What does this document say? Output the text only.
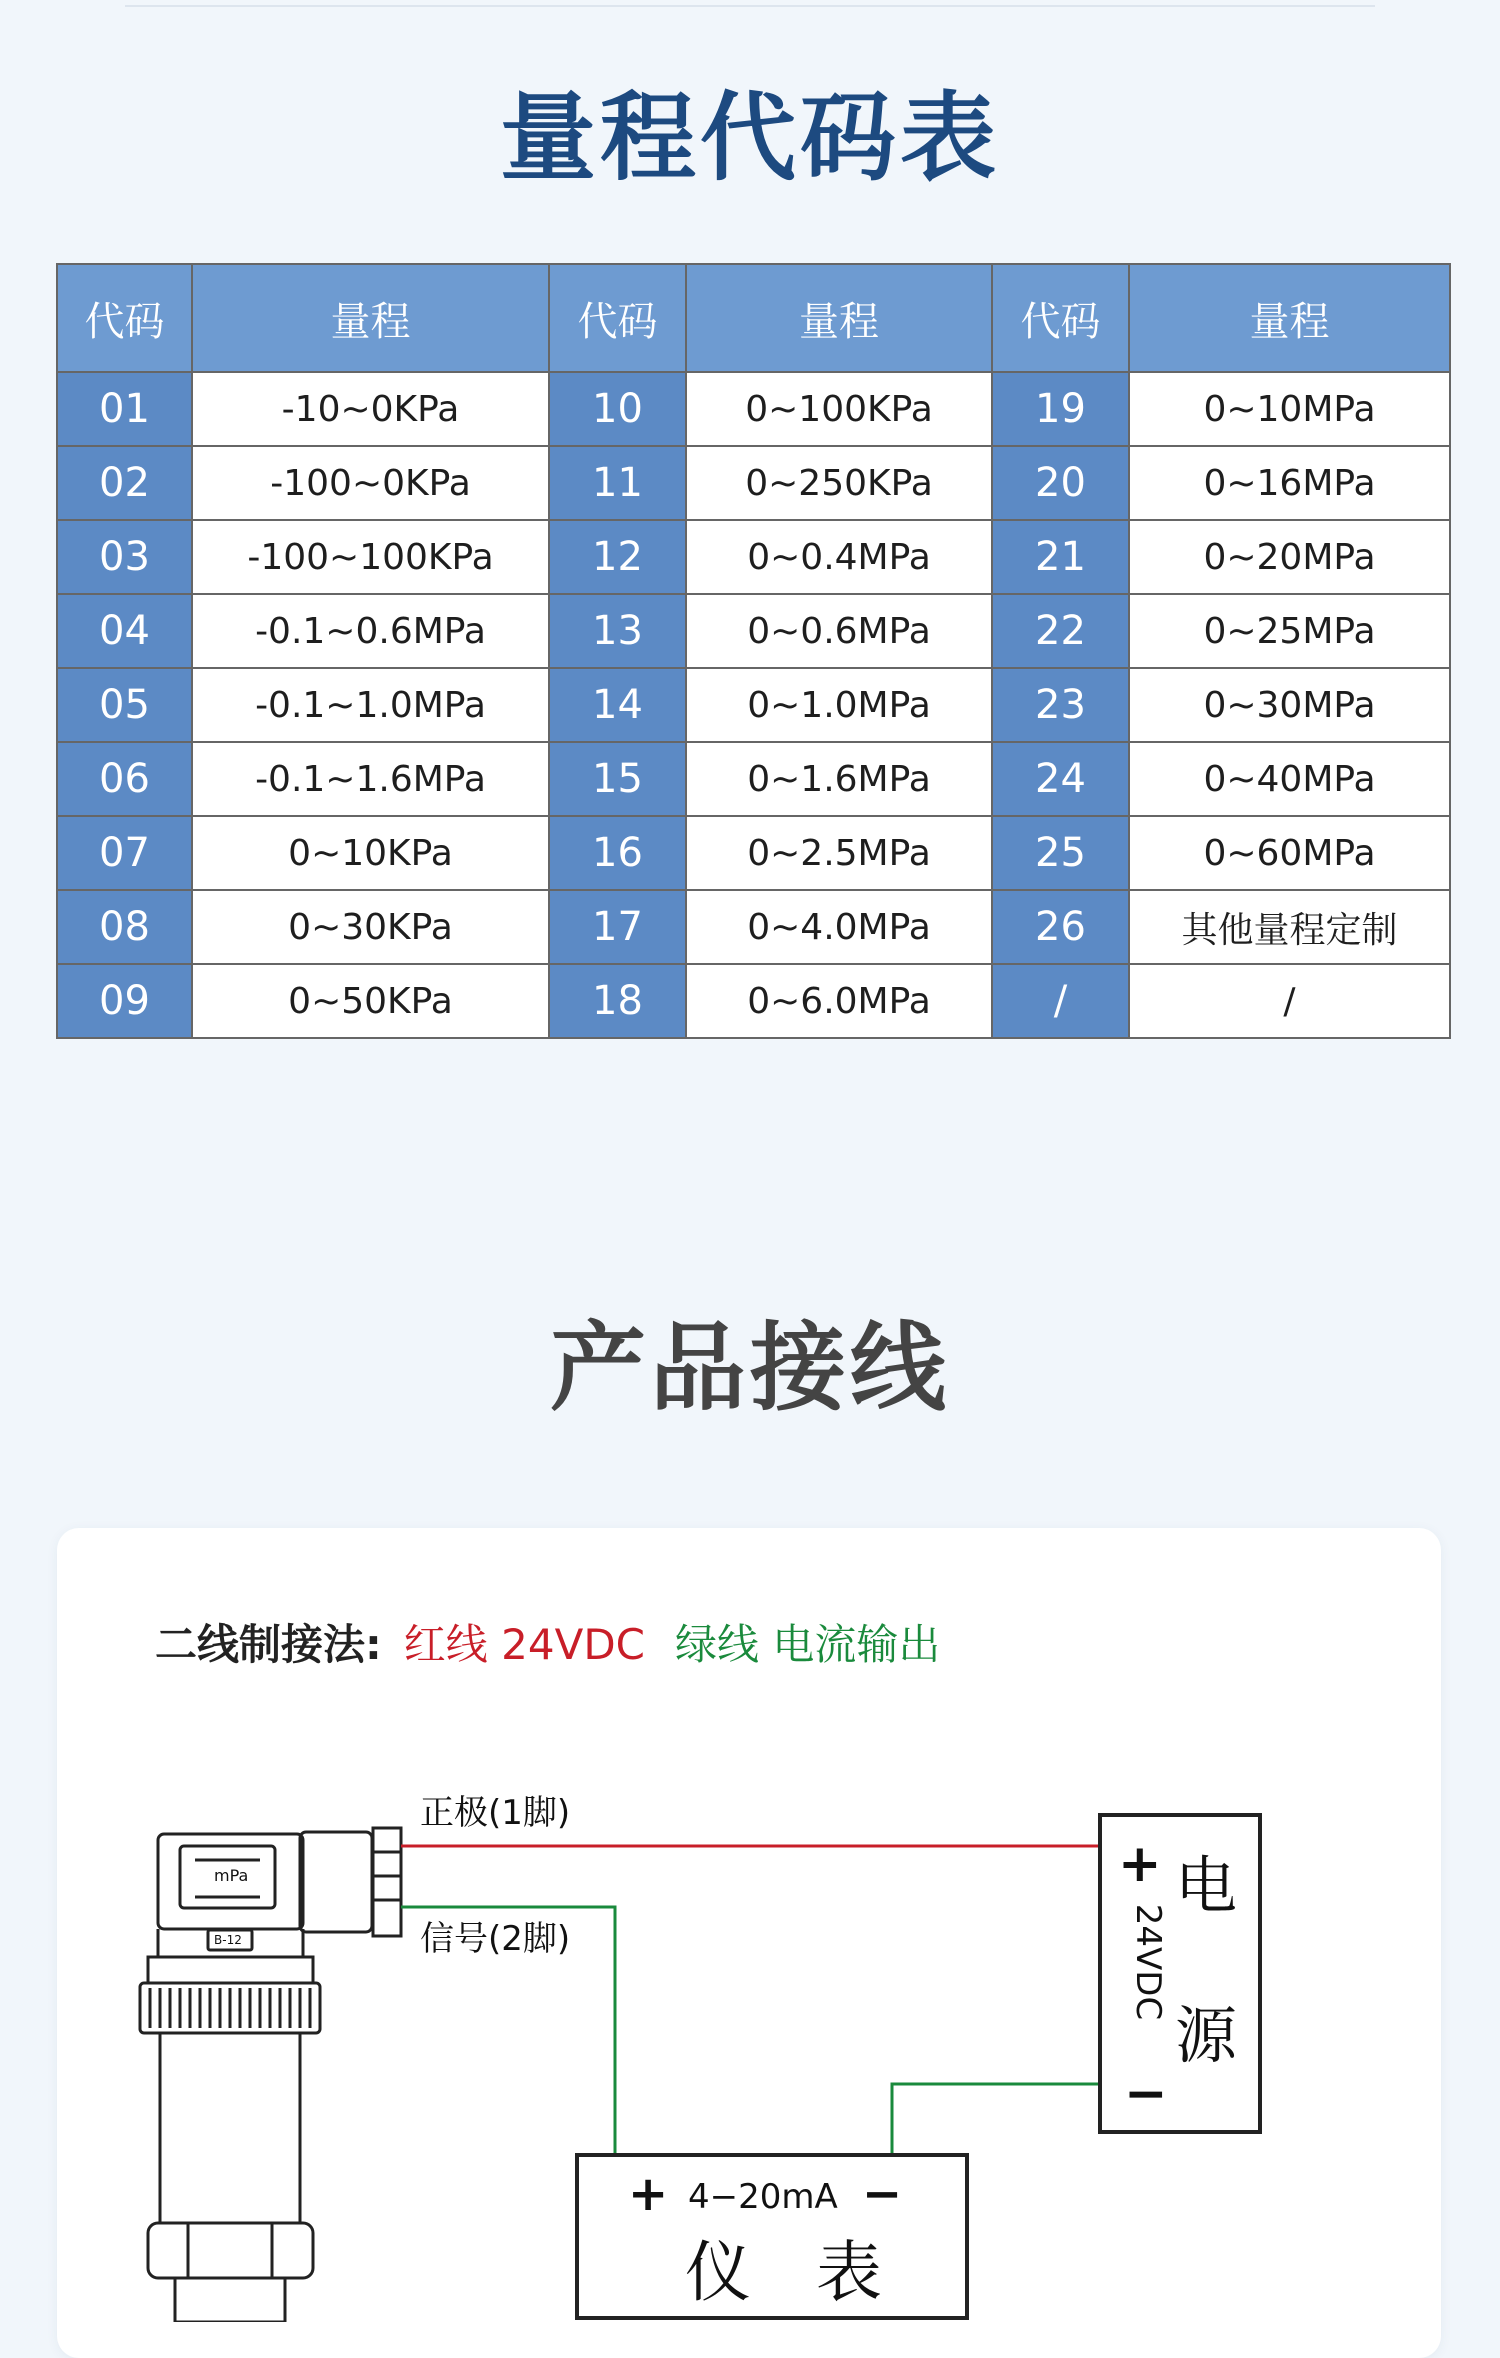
量程代码表
代码	量程	代码	量程	代码	量程
01	-10~0KPa	10	0~100KPa	19	0~10MPa
02	-100~0KPa	11	0~250KPa	20	0~16MPa
03	-100~100KPa	12	0~0.4MPa	21	0~20MPa
04	-0.1~0.6MPa	13	0~0.6MPa	22	0~25MPa
05	-0.1~1.0MPa	14	0~1.0MPa	23	0~30MPa
06	-0.1~1.6MPa	15	0~1.6MPa	24	0~40MPa
07	0~10KPa	16	0~2.5MPa	25	0~60MPa
08	0~30KPa	17	0~4.0MPa	26	其他量程定制
09	0~50KPa	18	0~6.0MPa	/	/
产品接线
二线制接法: 红线 24VDC 绿线 电流输出
正极(1脚)
信号(2脚)
mPa
B-12
+
24VDC
−
电
源
+ 4−20mA −
仪 表
